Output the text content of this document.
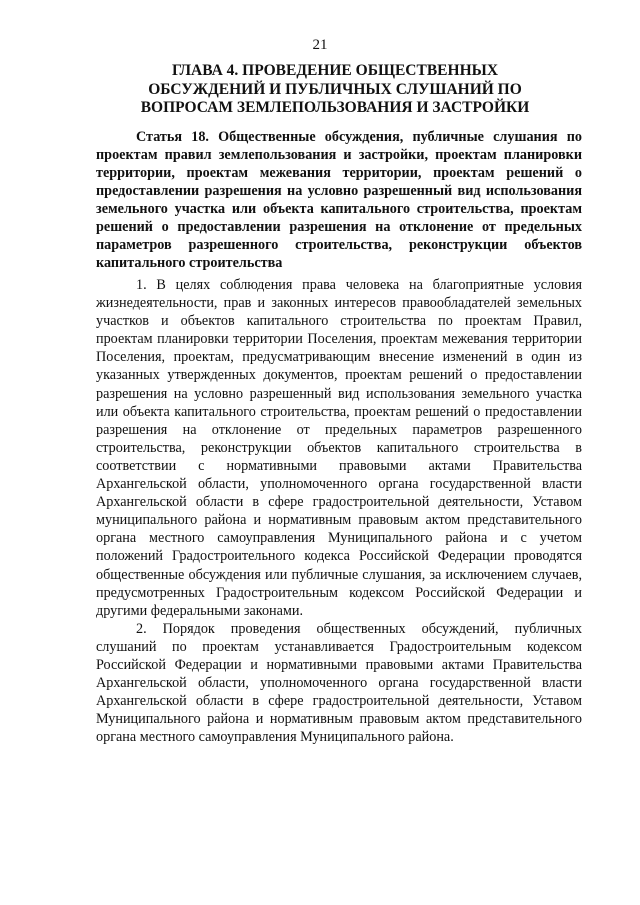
21
ГЛАВА 4. ПРОВЕДЕНИЕ ОБЩЕСТВЕННЫХ ОБСУЖДЕНИЙ И ПУБЛИЧНЫХ СЛУШАНИЙ ПО ВОПРОСАМ ЗЕМЛЕПОЛЬЗОВАНИЯ И ЗАСТРОЙКИ
Статья 18. Общественные обсуждения, публичные слушания по проектам правил землепользования и застройки, проектам планировки территории, проектам межевания территории, проектам решений о предоставлении разрешения на условно разрешенный вид использования земельного участка или объекта капитального строительства, проектам решений о предоставлении разрешения на отклонение от предельных параметров разрешенного строительства, реконструкции объектов капитального строительства

1. В целях соблюдения права человека на благоприятные условия жизнедеятельности, прав и законных интересов правообладателей земельных участков и объектов капитального строительства по проектам Правил, проектам планировки территории Поселения, проектам межевания территории Поселения, проектам, предусматривающим внесение изменений в один из указанных утвержденных документов, проектам решений о предоставлении разрешения на условно разрешенный вид использования земельного участка или объекта капитального строительства, проектам решений о предоставлении разрешения на отклонение от предельных параметров разрешенного строительства, реконструкции объектов капитального строительства в соответствии с нормативными правовыми актами Правительства Архангельской области, уполномоченного органа государственной власти Архангельской области в сфере градостроительной деятельности, Уставом муниципального района и нормативным правовым актом представительного органа местного самоуправления Муниципального района и с учетом положений Градостроительного кодекса Российской Федерации проводятся общественные обсуждения или публичные слушания, за исключением случаев, предусмотренных Градостроительным кодексом Российской Федерации и другими федеральными законами.

2. Порядок проведения общественных обсуждений, публичных слушаний по проектам устанавливается Градостроительным кодексом Российской Федерации и нормативными правовыми актами Правительства Архангельской области, уполномоченного органа государственной власти Архангельской области в сфере градостроительной деятельности, Уставом Муниципального района и нормативным правовым актом представительного органа местного самоуправления Муниципального района.
